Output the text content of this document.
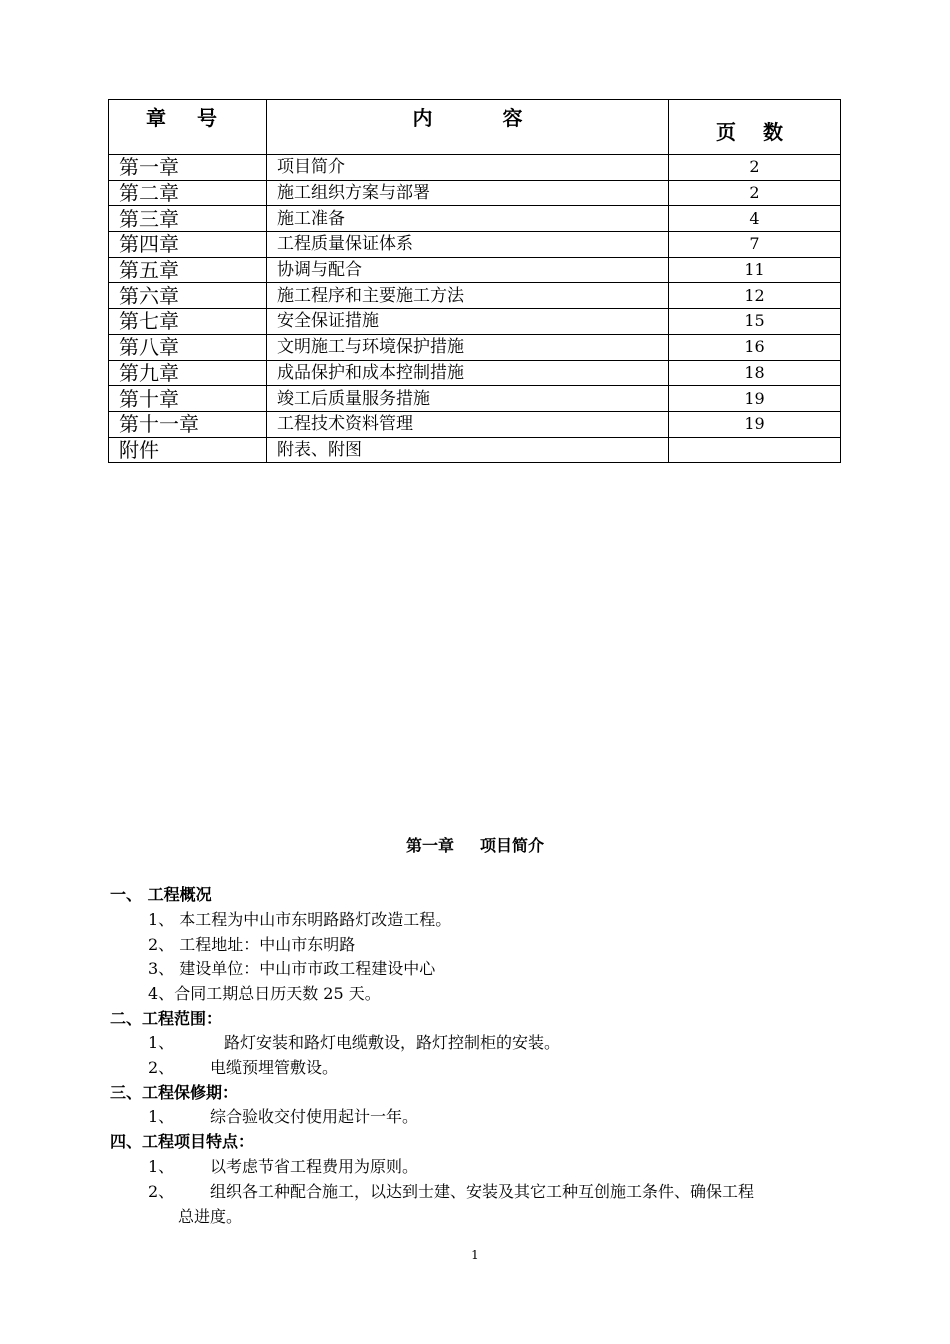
章 号	内 容	页 数
第一章	项目简介	2
第二章	施工组织方案与部署	2
第三章	施工准备	4
第四章	工程质量保证体系	7
第五章	协调与配合	11
第六章	施工程序和主要施工方法	12
第七章	安全保证措施	15
第八章	文明施工与环境保护措施	16
第九章	成品保护和成本控制措施	18
第十章	竣工后质量服务措施	19
第十一章	工程技术资料管理	19
附件	附表、附图	
第一章 项目简介
一、 工程概况
1、 本工程为中山市东明路路灯改造工程。
2、 工程地址：中山市东明路
3、 建设单位：中山市市政工程建设中心
4、合同工期总日历天数 25 天。
二、工程范围：
1、	路灯安装和路灯电缆敷设，路灯控制柜的安装。
2、 电缆预埋管敷设。
三、工程保修期：
1、 综合验收交付使用起计一年。
四、工程项目特点：
1、 以考虑节省工程费用为原则。
2、 组织各工种配合施工，以达到士建、安装及其它工种互创施工条件、确保工程
总进度。
1
